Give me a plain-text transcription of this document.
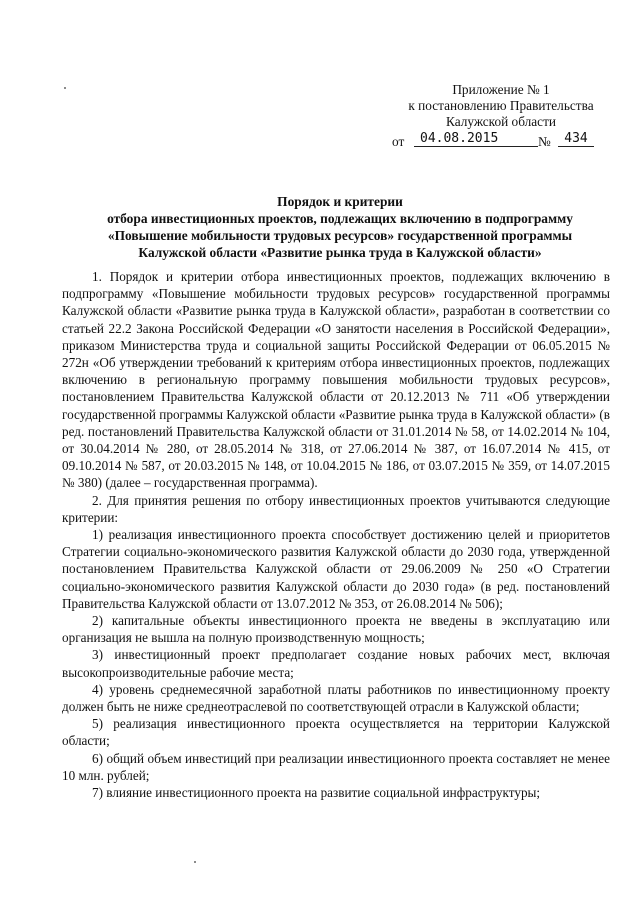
Приложение № 1
к постановлению Правительства
Калужской области
от	04.08.2015	№	434
Порядок и критерии
отбора инвестиционных проектов, подлежащих включению в подпрограмму
«Повышение мобильности трудовых ресурсов» государственной программы
Калужской области «Развитие рынка труда в Калужской области»

1. Порядок и критерии отбора инвестиционных проектов, подлежащих включению в подпрограмму «Повышение мобильности трудовых ресурсов» государственной программы Калужской области «Развитие рынка труда в Калужской области», разработан в соответствии со статьей 22.2 Закона Российской Федерации «О занятости населения в Российской Федерации», приказом Министерства труда и социальной защиты Российской Федерации от 06.05.2015 № 272н «Об утверждении требований к критериям отбора инвестиционных проектов, подлежащих включению в региональную программу повышения мобильности трудовых ресурсов», постановлением Правительства Калужской области от 20.12.2013 № 711 «Об утверждении государственной программы Калужской области «Развитие рынка труда в Калужской области» (в ред. постановлений Правительства Калужской области от 31.01.2014 № 58, от 14.02.2014 № 104, от 30.04.2014 № 280, от 28.05.2014 № 318, от 27.06.2014 № 387, от 16.07.2014 № 415, от 09.10.2014 № 587, от 20.03.2015 № 148, от 10.04.2015 № 186, от 03.07.2015 № 359, от 14.07.2015 № 380) (далее – государственная программа).

2. Для принятия решения по отбору инвестиционных проектов учитываются следующие критерии:

1) реализация инвестиционного проекта способствует достижению целей и приоритетов Стратегии социально-экономического развития Калужской области до 2030 года, утвержденной постановлением Правительства Калужской области от 29.06.2009 № 250 «О Стратегии социально-экономического развития Калужской области до 2030 года» (в ред. постановлений Правительства Калужской области от 13.07.2012 № 353, от 26.08.2014 № 506);

2) капитальные объекты инвестиционного проекта не введены в эксплуатацию или организация не вышла на полную производственную мощность;

3) инвестиционный проект предполагает создание новых рабочих мест, включая высокопроизводительные рабочие места;

4) уровень среднемесячной заработной платы работников по инвестиционному проекту должен быть не ниже среднеотраслевой по соответствующей отрасли в Калужской области;

5) реализация инвестиционного проекта осуществляется на территории Калужской области;

6) общий объем инвестиций при реализации инвестиционного проекта составляет не менее 10 млн. рублей;

7) влияние инвестиционного проекта на развитие социальной инфраструктуры;
